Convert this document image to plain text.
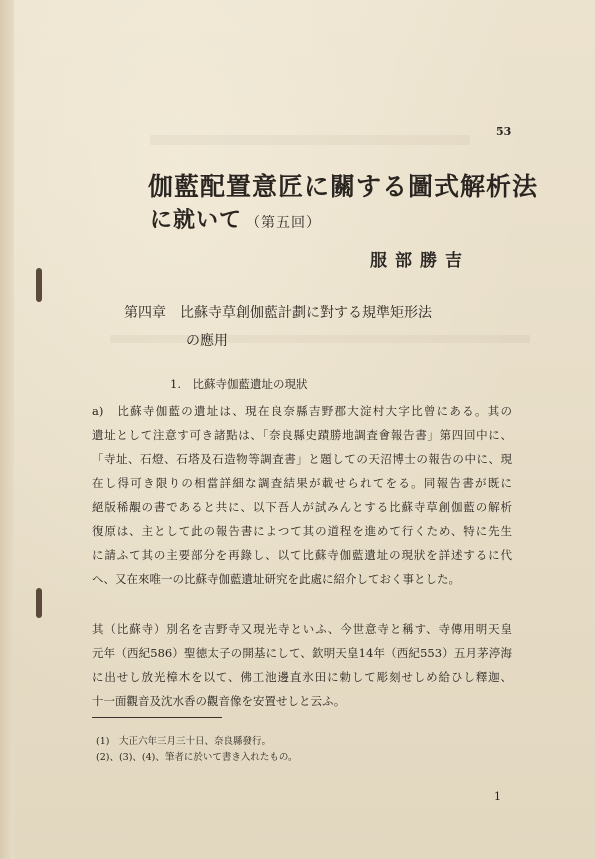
53
伽藍配置意匠に關する圖式解析法
に就いて （第五回）
服部勝吉
第四章　比蘇寺草創伽藍計劃に對する規準矩形法
の應用
1.　比蘇寺伽藍遺址の現狀
a)　比蘇寺伽藍の遺址は、現在良奈縣吉野郡大淀村大字比曾にある。其の
遺址として注意す可き諸點は、「奈良縣史蹟勝地調査會報告書」第四回中に、
「寺址、石燈、石塔及石造物等調査書」と題しての天沼博士の報告の中に、現
在し得可き限りの相當詳細な調査結果が載せられてをる。同報告書が既に
絕版稀覯の書であると共に、以下吾人が試みんとする比蘇寺草創伽藍の解析
復原は、主として此の報告書によつて其の道程を進めて行くため、特に先生
に請ふて其の主要部分を再錄し、以て比蘇寺伽藍遺址の現狀を詳述するに代
へ、又在來唯一の比蘇寺伽藍遺址研究を此處に紹介しておく事とした。
其（比蘇寺）別名を吉野寺又現光寺といふ、今世意寺と稱す、寺傳用明天皇
元年（西紀586）聖徳太子の開基にして、欽明天皇14年（西紀553）五月茅渟海
に出せし放光樟木を以て、佛工池邊直氷田に勅して彫刻せしめ給ひし釋迦、
十一面觀音及沈水香の觀音像を安置せしと云ふ。
(1)　大正六年三月三十日、奈良縣發行。
(2)、(3)、(4)、筆者に於いて書き入れたもの。
1
